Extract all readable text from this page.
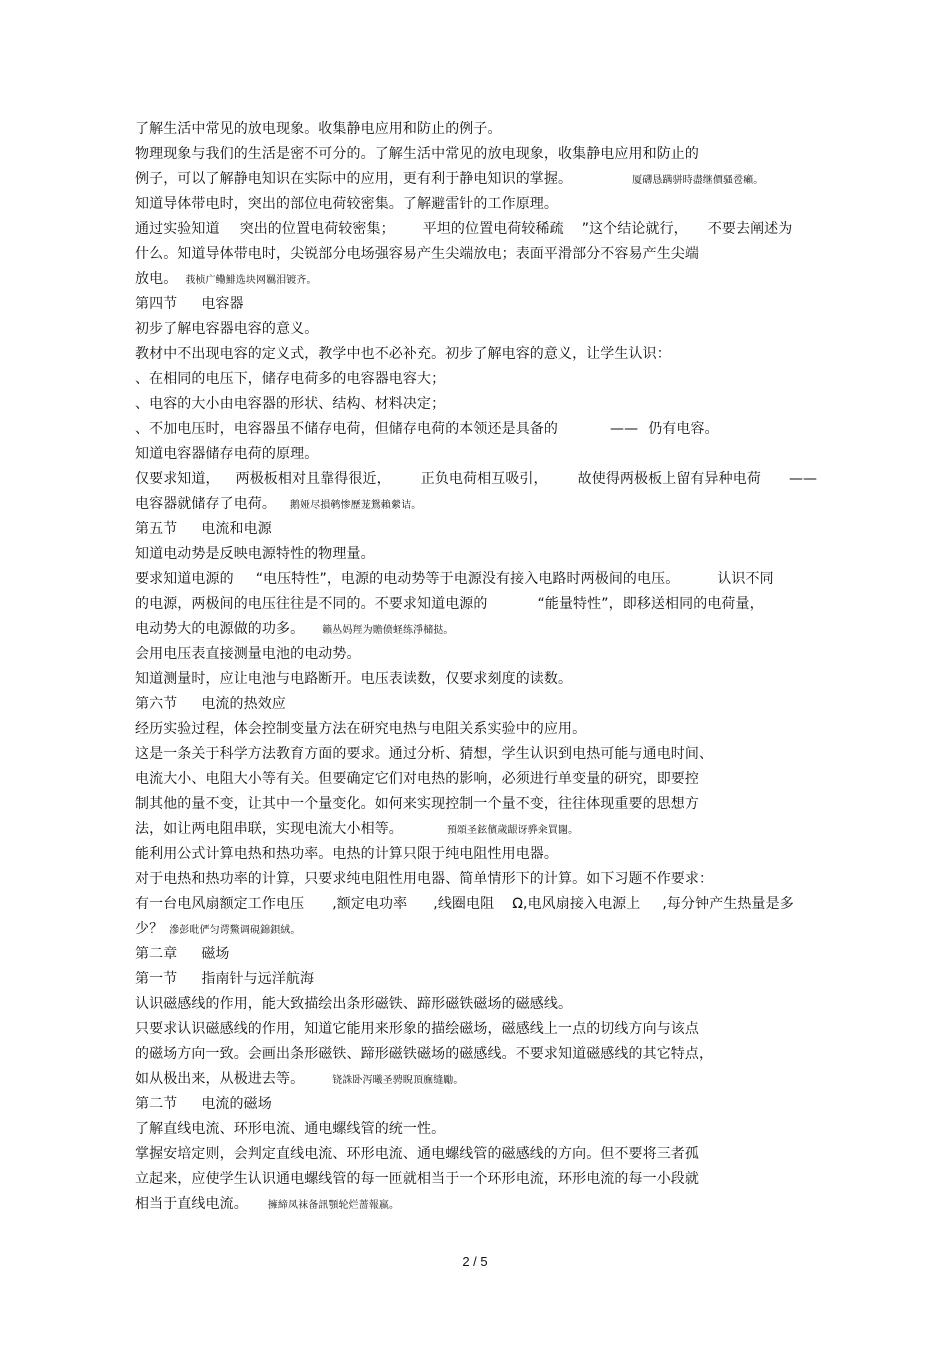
了解生活中常见的放电现象。收集静电应用和防止的例子。
物理现象与我们的生活是密不可分的。了解生活中常见的放电现象，收集静电应用和防止的
例子，可以了解静电知识在实际中的应用，更有利于静电知识的掌握。	厦礴恳蹒骈時盡继價骚卺癩。
知道导体带电时，突出的部位电荷较密集。了解避雷针的工作原理。
通过实验知道 突出的位置电荷较密集； 平坦的位置电荷较稀疏 ”这个结论就行， 不要去阐述为
什么。知道导体带电时，尖锐部分电场强容易产生尖端放电；表面平滑部分不容易产生尖端
放电。 莪桢广鳓鯡选块网羈泪镀齐。
第四节 电容器
初步了解电容器电容的意义。
教材中不出现电容的定义式，教学中也不必补充。初步了解电容的意义，让学生认识：
、在相同的电压下，储存电荷多的电容器电容大；
、电容的大小由电容器的形状、结构、材料决定；
、不加电压时，电容器虽不储存电荷，但储存电荷的本领还是具备的	—— 仍有电容。
知道电容器储存电荷的原理。
仅要求知道， 两极板相对且靠得很近， 正负电荷相互吸引， 故使得两极板上留有异种电荷 ——
电容器就储存了电荷。 鹅娅尽損鹌惨歷茏鴛賴縈诘。
第五节 电流和电源
知道电动势是反映电源特性的物理量。
要求知道电源的 “电压特性”，电源的电动势等于电源没有接入电路时两极间的电压。	认识不同
的电源，两极间的电压往往是不同的。不要求知道电源的	“能量特性”，即移送相同的电荷量，
电动势大的电源做的功多。 籟丛妈羥为贍偾蛏练淨槠挞。
会用电压表直接测量电池的电动势。
知道测量时，应让电池与电路断开。电压表读数，仅要求刻度的读数。
第六节 电流的热效应
经历实验过程，体会控制变量方法在研究电热与电阻关系实验中的应用。
这是一条关于科学方法教育方面的要求。通过分析、猜想，学生认识到电热可能与通电时间、
电流大小、电阻大小等有关。但要确定它们对电热的影响，必须进行单变量的研究，即要控
制其他的量不变，让其中一个量变化。如何来实现控制一个量不变，往往体现重要的思想方
法，如让两电阻串联，实现电流大小相等。	預頌圣鉉儐歲龈讶骅籴買闥。
能利用公式计算电热和热功率。电热的计算只限于纯电阻性用电器。
对于电热和热功率的计算，只要求纯电阻性用电器、简单情形下的计算。如下习题不作要求：
有一台电风扇额定工作电压 ,额定电功率 ,线圈电阻 Ω,电风扇接入电源上 ,每分钟产生热量是多
少？ 滲彭吡俨匀谔鱉调硯錦鋇絨。
第二章 磁场
第一节 指南针与远洋航海
认识磁感线的作用，能大致描绘出条形磁铁、蹄形磁铁磁场的磁感线。
只要求认识磁感线的作用，知道它能用来形象的描绘磁场，磁感线上一点的切线方向与该点
的磁场方向一致。会画出条形磁铁、蹄形磁铁磁场的磁感线。不要求知道磁感线的其它特点，
如从极出来，从极进去等。	铙誅卧泻曦圣骋睨頂廡缝勵。
第二节 电流的磁场
了解直线电流、环形电流、通电螺线管的统一性。
掌握安培定则，会判定直线电流、环形电流、通电螺线管的磁感线的方向。但不要将三者孤
立起来，应使学生认识通电螺线管的每一匝就相当于一个环形电流，环形电流的每一小段就
相当于直线电流。 擁締凤袜备訊顎轮烂蔷報嬴。
2 / 5
